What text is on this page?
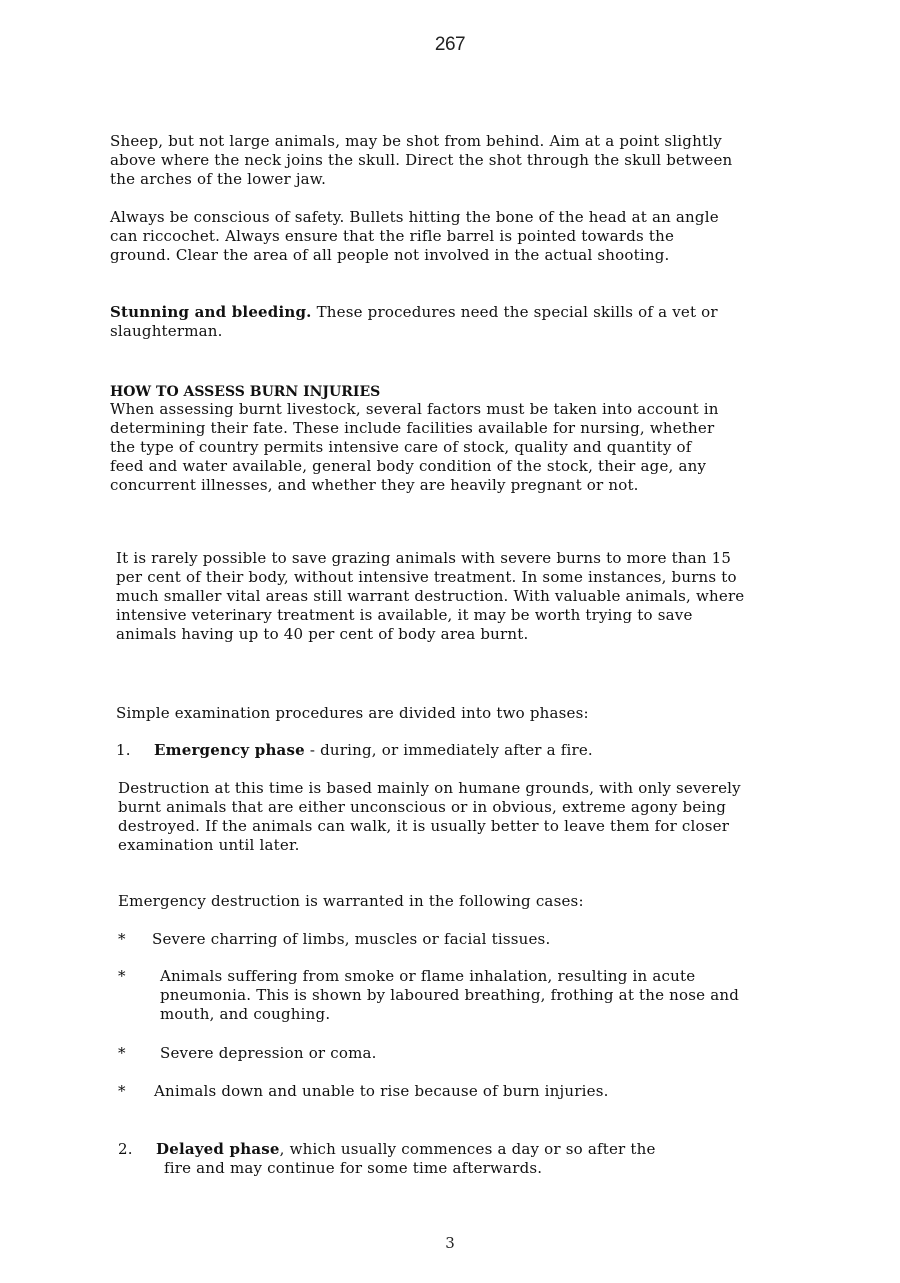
267

Sheep, but not large animals, may be shot from behind. Aim at a point slightly above where the neck joins the skull. Direct the shot through the skull between the arches of the lower jaw.

Always be conscious of safety. Bullets hitting the bone of the head at an angle can riccochet. Always ensure that the rifle barrel is pointed towards the ground. Clear the area of all people not involved in the actual shooting.

Stunning and bleeding. These procedures need the special skills of a vet or slaughterman.

HOW TO ASSESS BURN INJURIES

When assessing burnt livestock, several factors must be taken into account in determining their fate. These include facilities available for nursing, whether the type of country permits intensive care of stock, quality and quantity of feed and water available, general body condition of the stock, their age, any concurrent illnesses, and whether they are heavily pregnant or not.

It is rarely possible to save grazing animals with severe burns to more than 15 per cent of their body, without intensive treatment. In some instances, burns to much smaller vital areas still warrant destruction. With valuable animals, where intensive veterinary treatment is available, it may be worth trying to save animals having up to 40 per cent of body area burnt.

Simple examination procedures are divided into two phases:

1. Emergency phase - during, or immediately after a fire.

Destruction at this time is based mainly on humane grounds, with only severely burnt animals that are either unconscious or in obvious, extreme agony being destroyed. If the animals can walk, it is usually better to leave them for closer examination until later.

Emergency destruction is warranted in the following cases:

* Severe charring of limbs, muscles or facial tissues.
* Animals suffering from smoke or flame inhalation, resulting in acute pneumonia. This is shown by laboured breathing, frothing at the nose and mouth, and coughing.
* Severe depression or coma.
* Animals down and unable to rise because of burn injuries.
2. Delayed phase, which usually commences a day or so after the
fire and may continue for some time afterwards.
3
